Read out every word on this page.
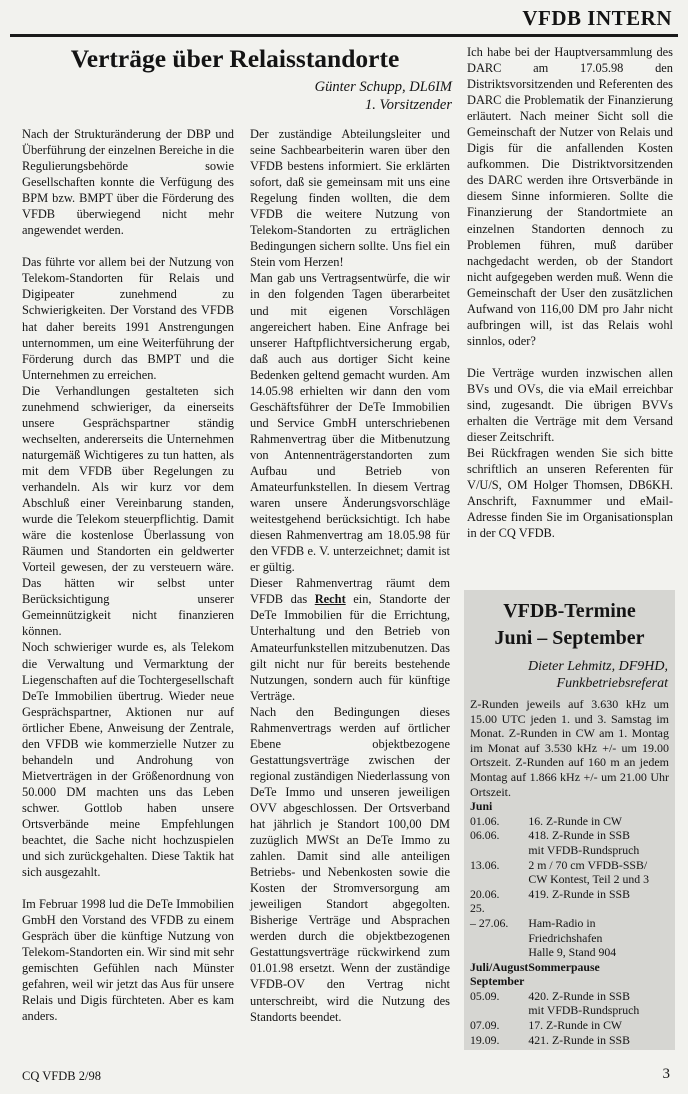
VFDB INTERN
Verträge über Relaisstandorte
Günter Schupp, DL6IM
1. Vorsitzender

Nach der Strukturänderung der DBP und Überführung der einzelnen Bereiche in die Regulierungsbehörde sowie Gesellschaften konnte die Verfügung des BPM bzw. BMPT über die Förderung des VFDB überwiegend nicht mehr angewendet werden.

Das führte vor allem bei der Nutzung von Telekom-Standorten für Relais und Digipeater zunehmend zu Schwierigkeiten. Der Vorstand des VFDB hat daher bereits 1991 Anstrengungen unternommen, um eine Weiterführung der Förderung durch das BMPT und die Unternehmen zu erreichen.

Die Verhandlungen gestalteten sich zunehmend schwieriger, da einerseits unsere Gesprächspartner ständig wechselten, andererseits die Unternehmen naturgemäß Wichtigeres zu tun hatten, als mit dem VFDB über Regelungen zu verhandeln. Als wir kurz vor dem Abschluß einer Vereinbarung standen, wurde die Telekom steuerpflichtig. Damit wäre die kostenlose Überlassung von Räumen und Standorten ein geldwerter Vorteil gewesen, der zu versteuern wäre. Das hätten wir selbst unter Berücksichtigung unserer Gemeinnützigkeit nicht finanzieren können.

Noch schwieriger wurde es, als Telekom die Verwaltung und Vermarktung der Liegenschaften auf die Tochtergesellschaft DeTe Immobilien übertrug. Wieder neue Gesprächspartner, Aktionen nur auf örtlicher Ebene, Anweisung der Zentrale, den VFDB wie kommerzielle Nutzer zu behandeln und Androhung von Mietverträgen in der Größenordnung von 50.000 DM machten uns das Leben schwer. Gottlob haben unsere Ortsverbände meine Empfehlungen beachtet, die Sache nicht hochzuspielen und sich zurückgehalten. Diese Taktik hat sich ausgezahlt.

Im Februar 1998 lud die DeTe Immobilien GmbH den Vorstand des VFDB zu einem Gespräch über die künftige Nutzung von Telekom-Standorten ein. Wir sind mit sehr gemischten Gefühlen nach Münster gefahren, weil wir jetzt das Aus für unsere Relais und Digis fürchteten. Aber es kam anders.

Der zuständige Abteilungsleiter und seine Sachbearbeiterin waren über den VFDB bestens informiert. Sie erklärten sofort, daß sie gemeinsam mit uns eine Regelung finden wollten, die dem VFDB die weitere Nutzung von Telekom-Standorten zu erträglichen Bedingungen sichern sollte. Uns fiel ein Stein vom Herzen!

Man gab uns Vertragsentwürfe, die wir in den folgenden Tagen überarbeitet und mit eigenen Vorschlägen angereichert haben. Eine Anfrage bei unserer Haftpflichtversicherung ergab, daß auch aus dortiger Sicht keine Bedenken geltend gemacht wurden. Am 14.05.98 erhielten wir dann den vom Geschäftsführer der DeTe Immobilien und Service GmbH unterschriebenen Rahmenvertrag über die Mitbenutzung von Antennenträgerstandorten zum Aufbau und Betrieb von Amateurfunkstellen. In diesem Vertrag waren unsere Änderungsvorschläge weitestgehend berücksichtigt. Ich habe diesen Rahmenvertrag am 18.05.98 für den VFDB e. V. unterzeichnet; damit ist er gültig.

Dieser Rahmenvertrag räumt dem VFDB das Recht ein, Standorte der DeTe Immobilien für die Errichtung, Unterhaltung und den Betrieb von Amateurfunkstellen mitzubenutzen. Das gilt nicht nur für bereits bestehende Nutzungen, sondern auch für künftige Verträge.

Nach den Bedingungen dieses Rahmenvertrags werden auf örtlicher Ebene objektbezogene Gestattungsverträge zwischen der regional zuständigen Niederlassung von DeTe Immo und unseren jeweiligen OVV abgeschlossen. Der Ortsverband hat jährlich je Standort 100,00 DM zuzüglich MWSt an DeTe Immo zu zahlen. Damit sind alle anteiligen Betriebs- und Nebenkosten sowie die Kosten der Stromversorgung am jeweiligen Standort abgegolten. Bisherige Verträge und Absprachen werden durch die objektbezogenen Gestattungsverträge rückwirkend zum 01.01.98 ersetzt. Wenn der zuständige VFDB-OV den Vertrag nicht unterschreibt, wird die Nutzung des Standorts beendet.

Ich habe bei der Hauptversammlung des DARC am 17.05.98 den Distriktsvorsitzenden und Referenten des DARC die Problematik der Finanzierung erläutert. Nach meiner Sicht soll die Gemeinschaft der Nutzer von Relais und Digis für die anfallenden Kosten aufkommen. Die Distriktvorsitzenden des DARC werden ihre Ortsverbände in diesem Sinne informieren. Sollte die Finanzierung der Standortmiete an einzelnen Standorten dennoch zu Problemen führen, muß darüber nachgedacht werden, ob der Standort nicht aufgegeben werden muß. Wenn die Gemeinschaft der User den zusätzlichen Aufwand von 116,00 DM pro Jahr nicht aufbringen will, ist das Relais wohl sinnlos, oder?

Die Verträge wurden inzwischen allen BVs und OVs, die via eMail erreichbar sind, zugesandt. Die übrigen BVVs erhalten die Verträge mit dem Versand dieser Zeitschrift.

Bei Rückfragen wenden Sie sich bitte schriftlich an unseren Referenten für V/U/S, OM Holger Thomsen, DB6KH. Anschrift, Faxnummer und eMail-Adresse finden Sie im Organisationsplan in der CQ VFDB.

VFDB-Termine
Juni – September
Dieter Lehmitz, DF9HD,
Funkbetriebsreferat

Z-Runden jeweils auf 3.630 kHz um 15.00 UTC jeden 1. und 3. Samstag im Monat. Z-Runden in CW am 1. Montag im Monat auf 3.530 kHz +/- um 19.00 Ortszeit. Z-Runden auf 160 m an jedem Montag auf 1.866 kHz +/- um 21.00 Uhr Ortszeit.

Juni	
01.06.	16. Z-Runde in CW
06.06.	418. Z-Runde in SSB
	mit VFDB-Rundspruch
13.06.	2 m / 70 cm VFDB-SSB/
	CW Kontest, Teil 2 und 3
20.06.	419. Z-Runde in SSB
25.	
– 27.06.	Ham-Radio in
	Friedrichshafen
	Halle 9, Stand 904
Juli/August	Sommerpause
September	
05.09.	420. Z-Runde in SSB
	mit VFDB-Rundspruch
07.09.	17. Z-Runde in CW
19.09.	421. Z-Runde in SSB
CQ VFDB 2/98	3
